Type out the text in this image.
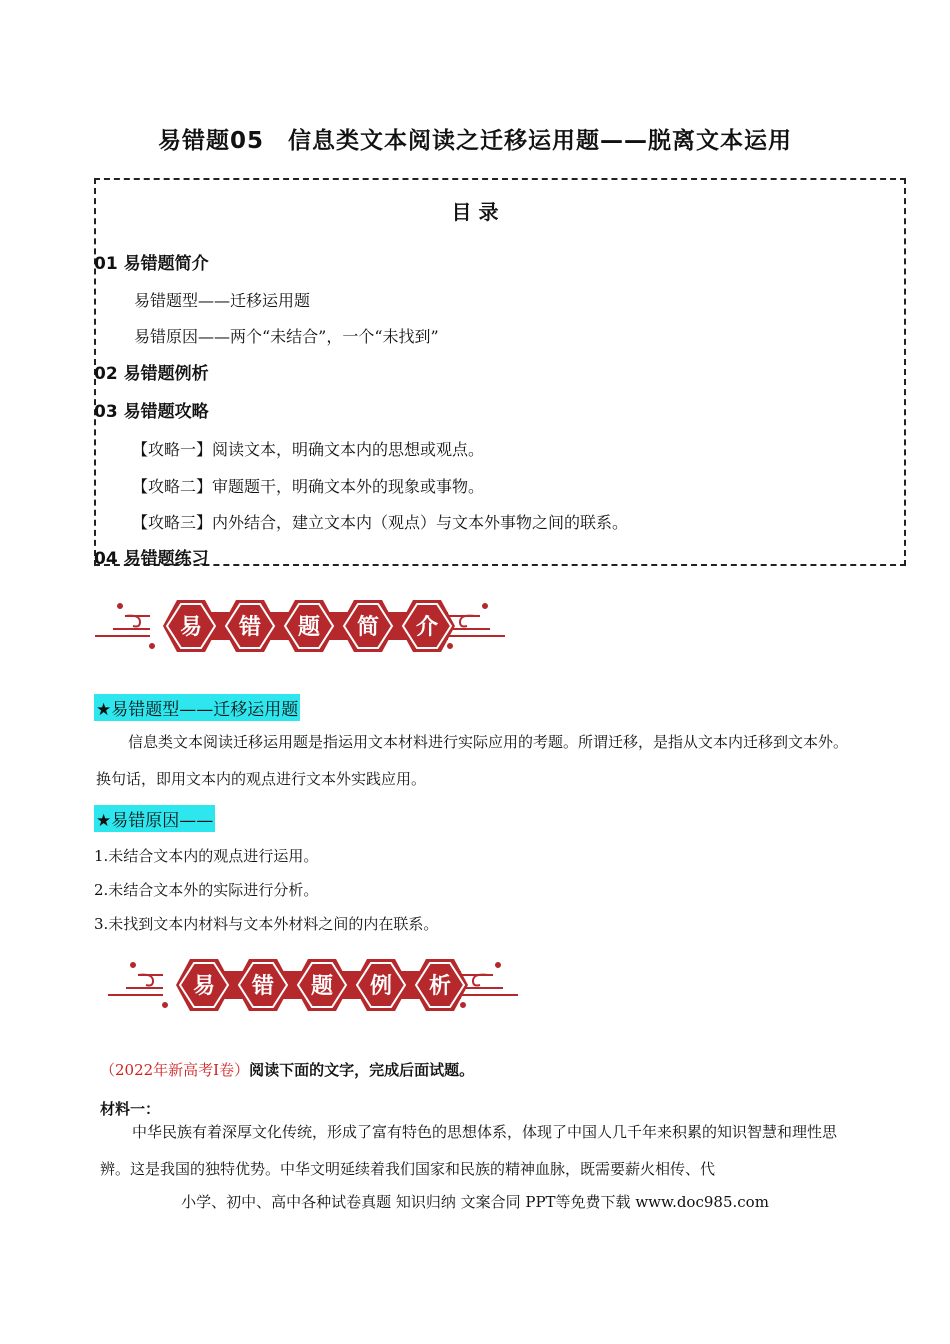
易错题05　信息类文本阅读之迁移运用题——脱离文本运用
目 录
01 易错题简介
易错题型——迁移运用题
易错原因——两个“未结合”，一个“未找到”
02 易错题例析
03 易错题攻略
【攻略一】阅读文本，明确文本内的思想或观点。
【攻略二】审题题干，明确文本外的现象或事物。
【攻略三】内外结合，建立文本内（观点）与文本外事物之间的联系。
04 易错题练习
易 错 题 简 介
★易错题型——迁移运用题
信息类文本阅读迁移运用题是指运用文本材料进行实际应用的考题。所谓迁移，是指从文本内迁移到文本外。换句话，即用文本内的观点进行文本外实践应用。
★易错原因——
1.未结合文本内的观点进行运用。
2.未结合文本外的实际进行分析。
3.未找到文本内材料与文本外材料之间的内在联系。
易 错 题 例 析
（2022年新高考Ⅰ卷）阅读下面的文字，完成后面试题。
材料一：
中华民族有着深厚文化传统，形成了富有特色的思想体系，体现了中国人几千年来积累的知识智慧和理性思辨。这是我国的独特优势。中华文明延续着我们国家和民族的精神血脉，既需要薪火相传、代
小学、初中、高中各种试卷真题 知识归纳 文案合同 PPT等免费下载 www.doc985.com
